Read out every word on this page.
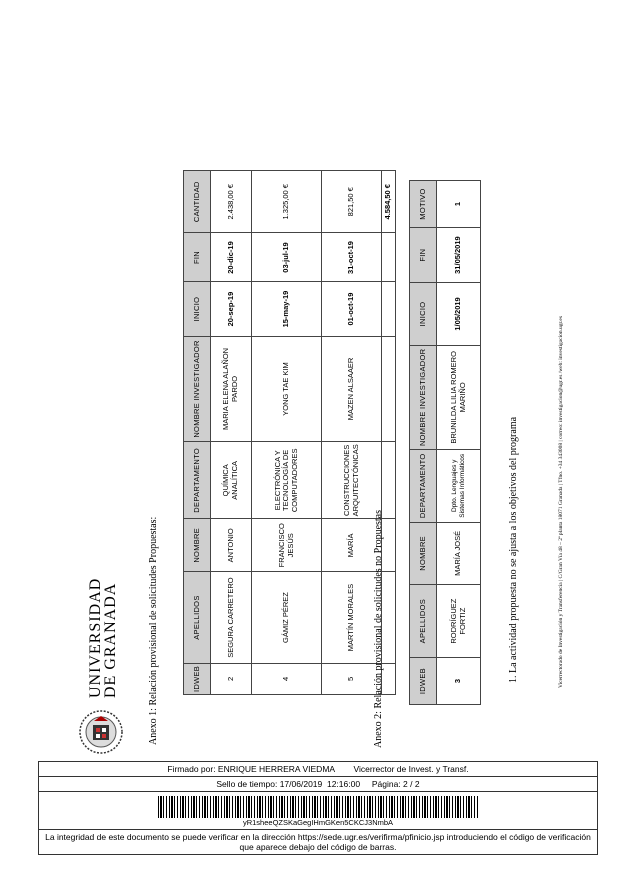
UNIVERSIDAD
DE GRANADA	Anexo 1: Relación provisional de solicitudes Propuestas:	IDWEB	APELLIDOS	NOMBRE	DEPARTAMENTO	NOMBRE INVESTIGADOR	INICIO	FIN	CANTIDAD
2	SEGURA CARRETERO	ANTONIO	QUÍMICA ANALÍTICA	MARIA ELENA ALAÑON PARDO	20-sep-19	20-dic-19	2.438,00 €
4	GÁMIZ PÉREZ	FRANCISCO JESÚS	ELECTRÓNICA Y TECNOLOGÍA DE COMPUTADORES	YONG TAE KIM	15-may-19	03-jul-19	1.325,00 €
5	MARTÍN MORALES	MARÍA	CONSTRUCCIONES ARQUITECTÓNICAS	MAZEN ALSAAER	01-oct-19	31-oct-19	821,50 €
							4.584,50 €
Anexo 2: Relación provisional de solicitudes no Propuestas	IDWEB	APELLIDOS	NOMBRE	DEPARTAMENTO	NOMBRE INVESTIGADOR	INICIO	FIN	MOTIVO
3	RODRÍGUEZ FORTIZ	MARÍA JOSÉ	Dpto. Lenguajes y Sistemas Informáticos	BRUNILDA LILIA ROMERO MARIÑO	1/05/2019	31/05/2019	1
1. La actividad propuesta no se ajusta a los objetivos del programa	Vicerrectorado de Investigación y Transferencia | C/Gran Vía 48 – 2ª planta 18071 Granada | Tfno. +34 343008 | correo: investigacion@ugr.es /web: investigacion.ugr.es
Firmado por: ENRIQUE HERRERA VIEDMA        Vicerrector de Invest. y Transf.
Sello de tiempo: 17/06/2019  12:16:00     Página: 2 / 2
yR1sheeQZSKaGegIHmGKen5CKCJ3NmbA
La integridad de este documento se puede verificar en la dirección https://sede.ugr.es/verifirma/pfinicio.jsp introduciendo el código de verificación que aparece debajo del código de barras.
